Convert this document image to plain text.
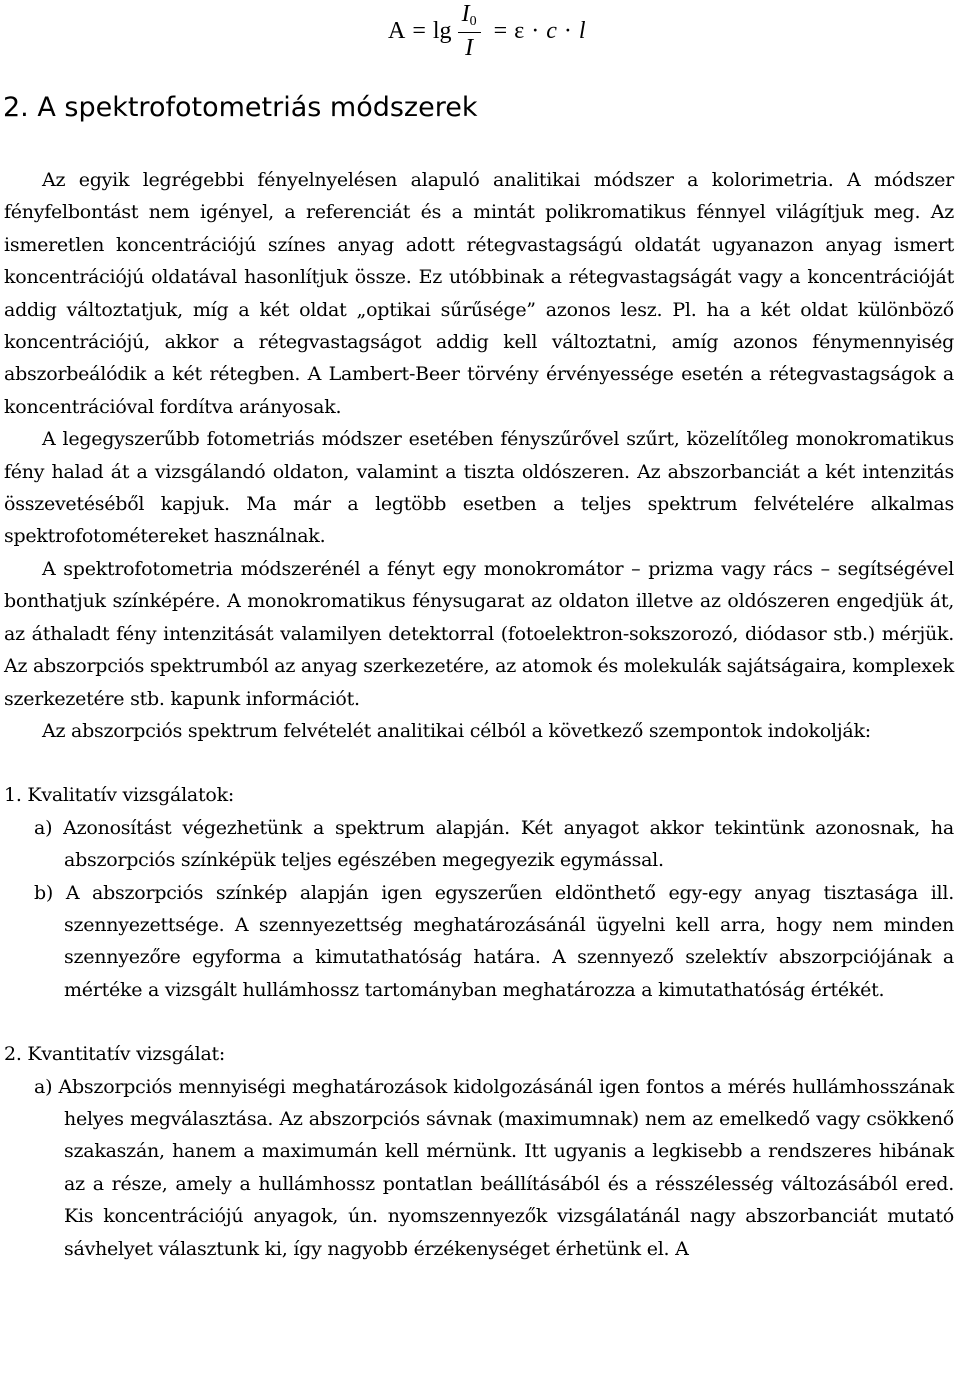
$A = \lg \frac{I_0}{I} = \varepsilon \cdot c \cdot l$
2. A spektrofotometriás módszerek

Az egyik legrégebbi fényelnyelésen alapuló analitikai módszer a kolorimetria. A módszer fényfelbontást nem igényel, a referenciát és a mintát polikromatikus fénnyel világítjuk meg. Az ismeretlen koncentrációjú színes anyag adott rétegvastagságú oldatát ugyanazon anyag ismert koncentrációjú oldatával hasonlítjuk össze. Ez utóbbinak a rétegvastagságát vagy a koncentrációját addig változtatjuk, míg a két oldat „optikai sűrűsége” azonos lesz. Pl. ha a két oldat különböző koncentrációjú, akkor a rétegvastagságot addig kell változtatni, amíg azonos fénymennyiség abszorbeálódik a két rétegben. A Lambert-Beer törvény érvényessége esetén a rétegvastagságok a koncentrációval fordítva arányosak.

A legegyszerűbb fotometriás módszer esetében fényszűrővel szűrt, közelítőleg monokromatikus fény halad át a vizsgálandó oldaton, valamint a tiszta oldószeren. Az abszorbanciát a két intenzitás összevetéséből kapjuk. Ma már a legtöbb esetben a teljes spektrum felvételére alkalmas spektrofotométereket használnak.

A spektrofotometria módszerénél a fényt egy monokromátor – prizma vagy rács – segítségével bonthatjuk színképére. A monokromatikus fénysugarat az oldaton illetve az oldószeren engedjük át, az áthaladt fény intenzitását valamilyen detektorral (fotoelektron-sokszorozó, diódasor stb.) mérjük. Az abszorpciós spektrumból az anyag szerkezetére, az atomok és molekulák sajátságaira, komplexek szerkezetére stb. kapunk információt.

Az abszorpciós spektrum felvételét analitikai célból a következő szempontok indokolják:

1. Kvalitatív vizsgálatok:

a) Azonosítást végezhetünk a spektrum alapján. Két anyagot akkor tekintünk azonosnak, ha abszorpciós színképük teljes egészében megegyezik egymással.

b) A abszorpciós színkép alapján igen egyszerűen eldönthető egy-egy anyag tisztasága ill. szennyezettsége. A szennyezettség meghatározásánál ügyelni kell arra, hogy nem minden szennyezőre egyforma a kimutathatóság határa. A szennyező szelektív abszorpciójának a mértéke a vizsgált hullámhossz tartományban meghatározza a kimutathatóság értékét.

2. Kvantitatív vizsgálat:

a) Abszorpciós mennyiségi meghatározások kidolgozásánál igen fontos a mérés hullámhosszának helyes megválasztása. Az abszorpciós sávnak (maximumnak) nem az emelkedő vagy csökkenő szakaszán, hanem a maximumán kell mérnünk. Itt ugyanis a legkisebb a rendszeres hibának az a része, amely a hullámhossz pontatlan beállításából és a résszélesség változásából ered. Kis koncentrációjú anyagok, ún. nyomszennyezők vizsgálatánál nagy abszorbanciát mutató sávhelyet választunk ki, így nagyobb érzékenységet érhetünk el. A
